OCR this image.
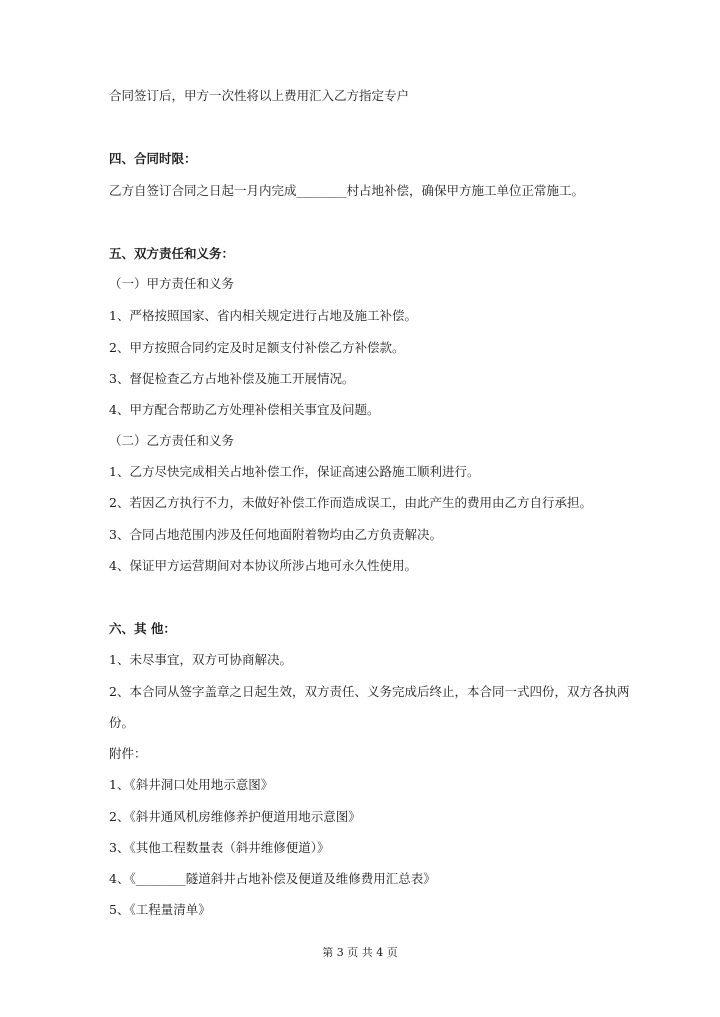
合同签订后，甲方一次性将以上费用汇入乙方指定专户
四、合同时限：
乙方自签订合同之日起一月内完成________村占地补偿，确保甲方施工单位正常施工。
五、双方责任和义务：
（一）甲方责任和义务
1、严格按照国家、省内相关规定进行占地及施工补偿。
2、甲方按照合同约定及时足额支付补偿乙方补偿款。
3、督促检查乙方占地补偿及施工开展情况。
4、甲方配合帮助乙方处理补偿相关事宜及问题。
（二）乙方责任和义务
1、乙方尽快完成相关占地补偿工作，保证高速公路施工顺利进行。
2、若因乙方执行不力，未做好补偿工作而造成误工，由此产生的费用由乙方自行承担。
3、合同占地范围内涉及任何地面附着物均由乙方负责解决。
4、保证甲方运营期间对本协议所涉占地可永久性使用。
六、其 他：
1、未尽事宜，双方可协商解决。
2、本合同从签字盖章之日起生效，双方责任、义务完成后终止，本合同一式四份，双方各执两
份。
附件：
1、《斜井洞口处用地示意图》
2、《斜井通风机房维修养护便道用地示意图》
3、《其他工程数量表（斜井维修便道）》
4、《________隧道斜井占地补偿及便道及维修费用汇总表》
5、《工程量清单》
第 3 页 共 4 页
